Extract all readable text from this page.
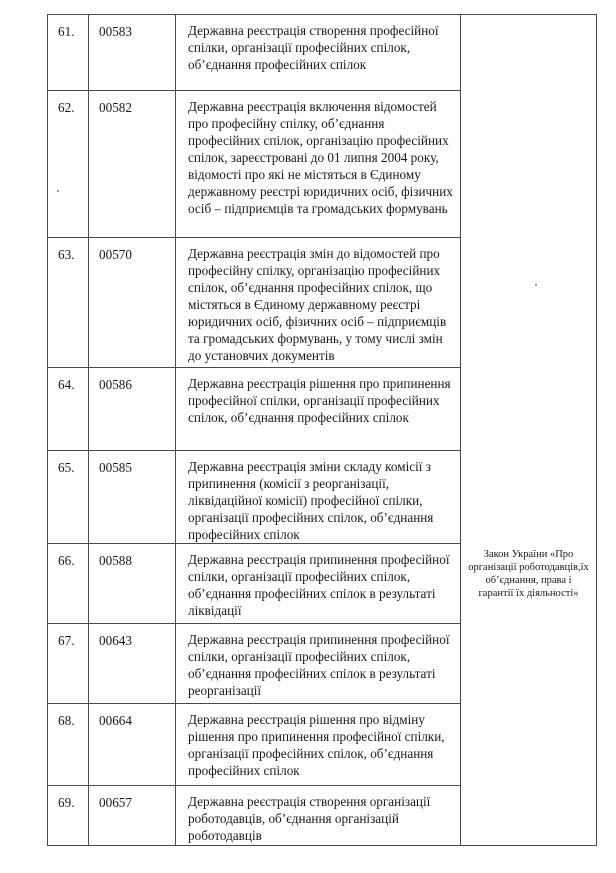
61.	00583	Державна реєстрація створення професійної спілки, організації професійних спілок, об’єднання професійних спілок	Закон України «Про організації роботодавців,їх об’єднання, права і гарантії їх діяльності»

62.	00582	Державна реєстрація включення відомостей про професійну спілку, об’єднання професійних спілок, організацію професійних спілок, зареєстровані до 01 липня 2004 року, відомості про які не містяться в Єдиному державному реєстрі юридичних осіб, фізичних осіб – підприємців та громадських формувань	

63.	00570	Державна реєстрація змін до відомостей про професійну спілку, організацію професійних спілок, об’єднання професійних спілок, що містяться в Єдиному державному реєстрі юридичних осіб, фізичних осіб – підприємців та громадських формувань, у тому числі змін до установчих документів	

64.	00586	Державна реєстрація рішення про припинення професійної спілки, організації професійних спілок, об’єднання професійних спілок	

65.	00585	Державна реєстрація зміни складу комісії з припинення (комісії з реорганізації, ліквідаційної комісії) професійної спілки, організації професійних спілок, об’єднання професійних спілок	

66.	00588	Державна реєстрація припинення професійної спілки, організації професійних спілок, об’єднання професійних спілок в результаті ліквідації	

67.	00643	Державна реєстрація припинення професійної спілки, організації професійних спілок, об’єднання професійних спілок в результаті реорганізації	

68.	00664	Державна реєстрація рішення про відміну рішення про припинення професійної спілки, організації професійних спілок, об’єднання професійних спілок	

69.	00657	Державна реєстрація створення організації роботодавців, об’єднання організацій роботодавців	
